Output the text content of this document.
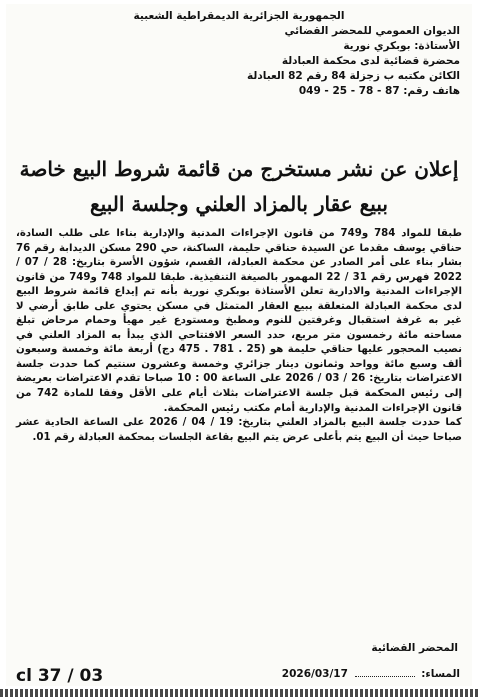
الجمهورية الجزائرية الديمقراطية الشعبية
الديوان العمومي للمحضر القضائي
الأستاذة: بوبكري نورية
محضرة قضائية لدى محكمة العبادلة
الكائن مكتبه ب زجزلة 84 رقم 82 العبادلة
هاتف رقم: 87 - 78 - 25 - 049
إعلان عن نشر مستخرج من قائمة شروط البيع خاصة
ببيع عقار بالمزاد العلني وجلسة البيع

طبقا للمواد 784 و749 من قانون الإجراءات المدنية والإدارية بناءا على طلب السادة، حناقي يوسف مقدما عن السيدة حناقي حليمة، الساكنة، حي 290 مسكن الديدابة رقم 76 بشار بناء على أمر الصادر عن محكمة العبادلة، القسم، شؤون الأسرة بتاريخ: 28 / 07 / 2022 فهرس رقم 31 / 22 المهمور بالصيغة التنفيذية. طبقا للمواد 748 و749 من قانون الإجراءات المدنية والادارية تعلن الأستاذة بوبكري نورية بأنه تم إيداع قائمة شروط البيع لدى محكمة العبادلة المتعلقة ببيع العقار المتمثل في مسكن يحتوي على طابق أرضي لا غير به غرفة استقبال وغرفتين للنوم ومطبخ ومستودع غير مهيأ وحمام مرحاض تبلغ مساحته مائة رخمسون متر مربع، حدد السعر الافتتاحي الذي يبدأ به المزاد العلني في نصيب المحجور عليها حناقي حليمة هو (25 . 781 . 475 دج) أربعة مائة وخمسة وسبعون ألف وسبع مائة وواحد وثمانون دينار جزائري وخمسة وعشرون سنتيم كما حددت جلسة الاعتراضات بتاريخ: 26 / 03 / 2026 على الساعة 00 : 10 صباحا تقدم الاعتراضات بعريضة إلى رئيس المحكمة قبل جلسة الاعتراضات بثلاث أيام على الأقل وفقا للمادة 742 من قانون الإجراءات المدنية والإدارية أمام مكتب رئيس المحكمة.

كما حددت جلسة البيع بالمزاد العلني بتاريخ: 19 / 04 / 2026 على الساعة الحادية عشر صباحا حيث أن البيع يتم بأعلى عرض يتم البيع بقاعة الجلسات بمحكمة العبادلة رقم 01.

المحضر القضائية
المساء:  2026/03/17
cl 37 / 03
